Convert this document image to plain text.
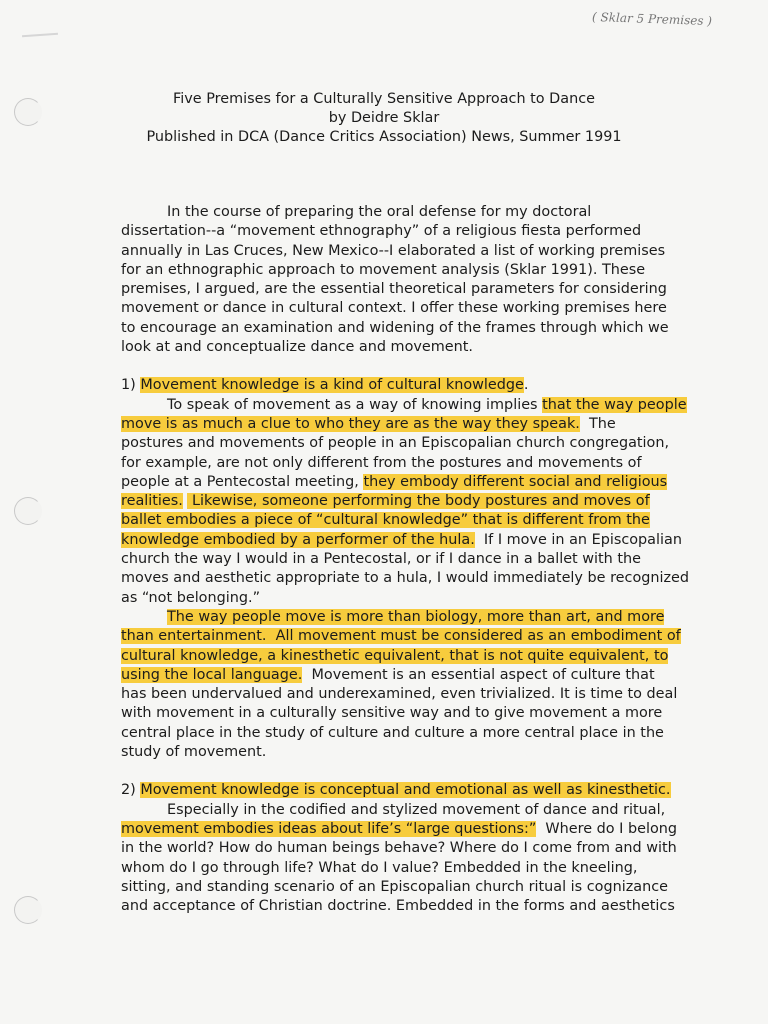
( Sklar 5 Premises )
Five Premises for a Culturally Sensitive Approach to Dance
by Deidre Sklar
Published in DCA (Dance Critics Association) News, Summer 1991

In the course of preparing the oral defense for my doctoral
dissertation--a “movement ethnography” of a religious fiesta performed
annually in Las Cruces, New Mexico--I elaborated a list of working premises
for an ethnographic approach to movement analysis (Sklar 1991). These
premises, I argued, are the essential theoretical parameters for considering
movement or dance in cultural context. I offer these working premises here
to encourage an examination and widening of the frames through which we
look at and conceptualize dance and movement.

1) Movement knowledge is a kind of cultural knowledge.
To speak of movement as a way of knowing implies that the way people
move is as much a clue to who they are as the way they speak.  The
postures and movements of people in an Episcopalian church congregation,
for example, are not only different from the postures and movements of
people at a Pentecostal meeting, they embody different social and religious
realities.  Likewise, someone performing the body postures and moves of
ballet embodies a piece of “cultural knowledge” that is different from the
knowledge embodied by a performer of the hula.  If I move in an Episcopalian
church the way I would in a Pentecostal, or if I dance in a ballet with the
moves and aesthetic appropriate to a hula, I would immediately be recognized
as “not belonging.”

The way people move is more than biology, more than art, and more
than entertainment.  All movement must be considered as an embodiment of
cultural knowledge, a kinesthetic equivalent, that is not quite equivalent, to
using the local language.  Movement is an essential aspect of culture that
has been undervalued and underexamined, even trivialized. It is time to deal
with movement in a culturally sensitive way and to give movement a more
central place in the study of culture and culture a more central place in the
study of movement.

2) Movement knowledge is conceptual and emotional as well as kinesthetic.
Especially in the codified and stylized movement of dance and ritual,
movement embodies ideas about life’s “large questions:”  Where do I belong
in the world? How do human beings behave? Where do I come from and with
whom do I go through life? What do I value? Embedded in the kneeling,
sitting, and standing scenario of an Episcopalian church ritual is cognizance
and acceptance of Christian doctrine. Embedded in the forms and aesthetics
